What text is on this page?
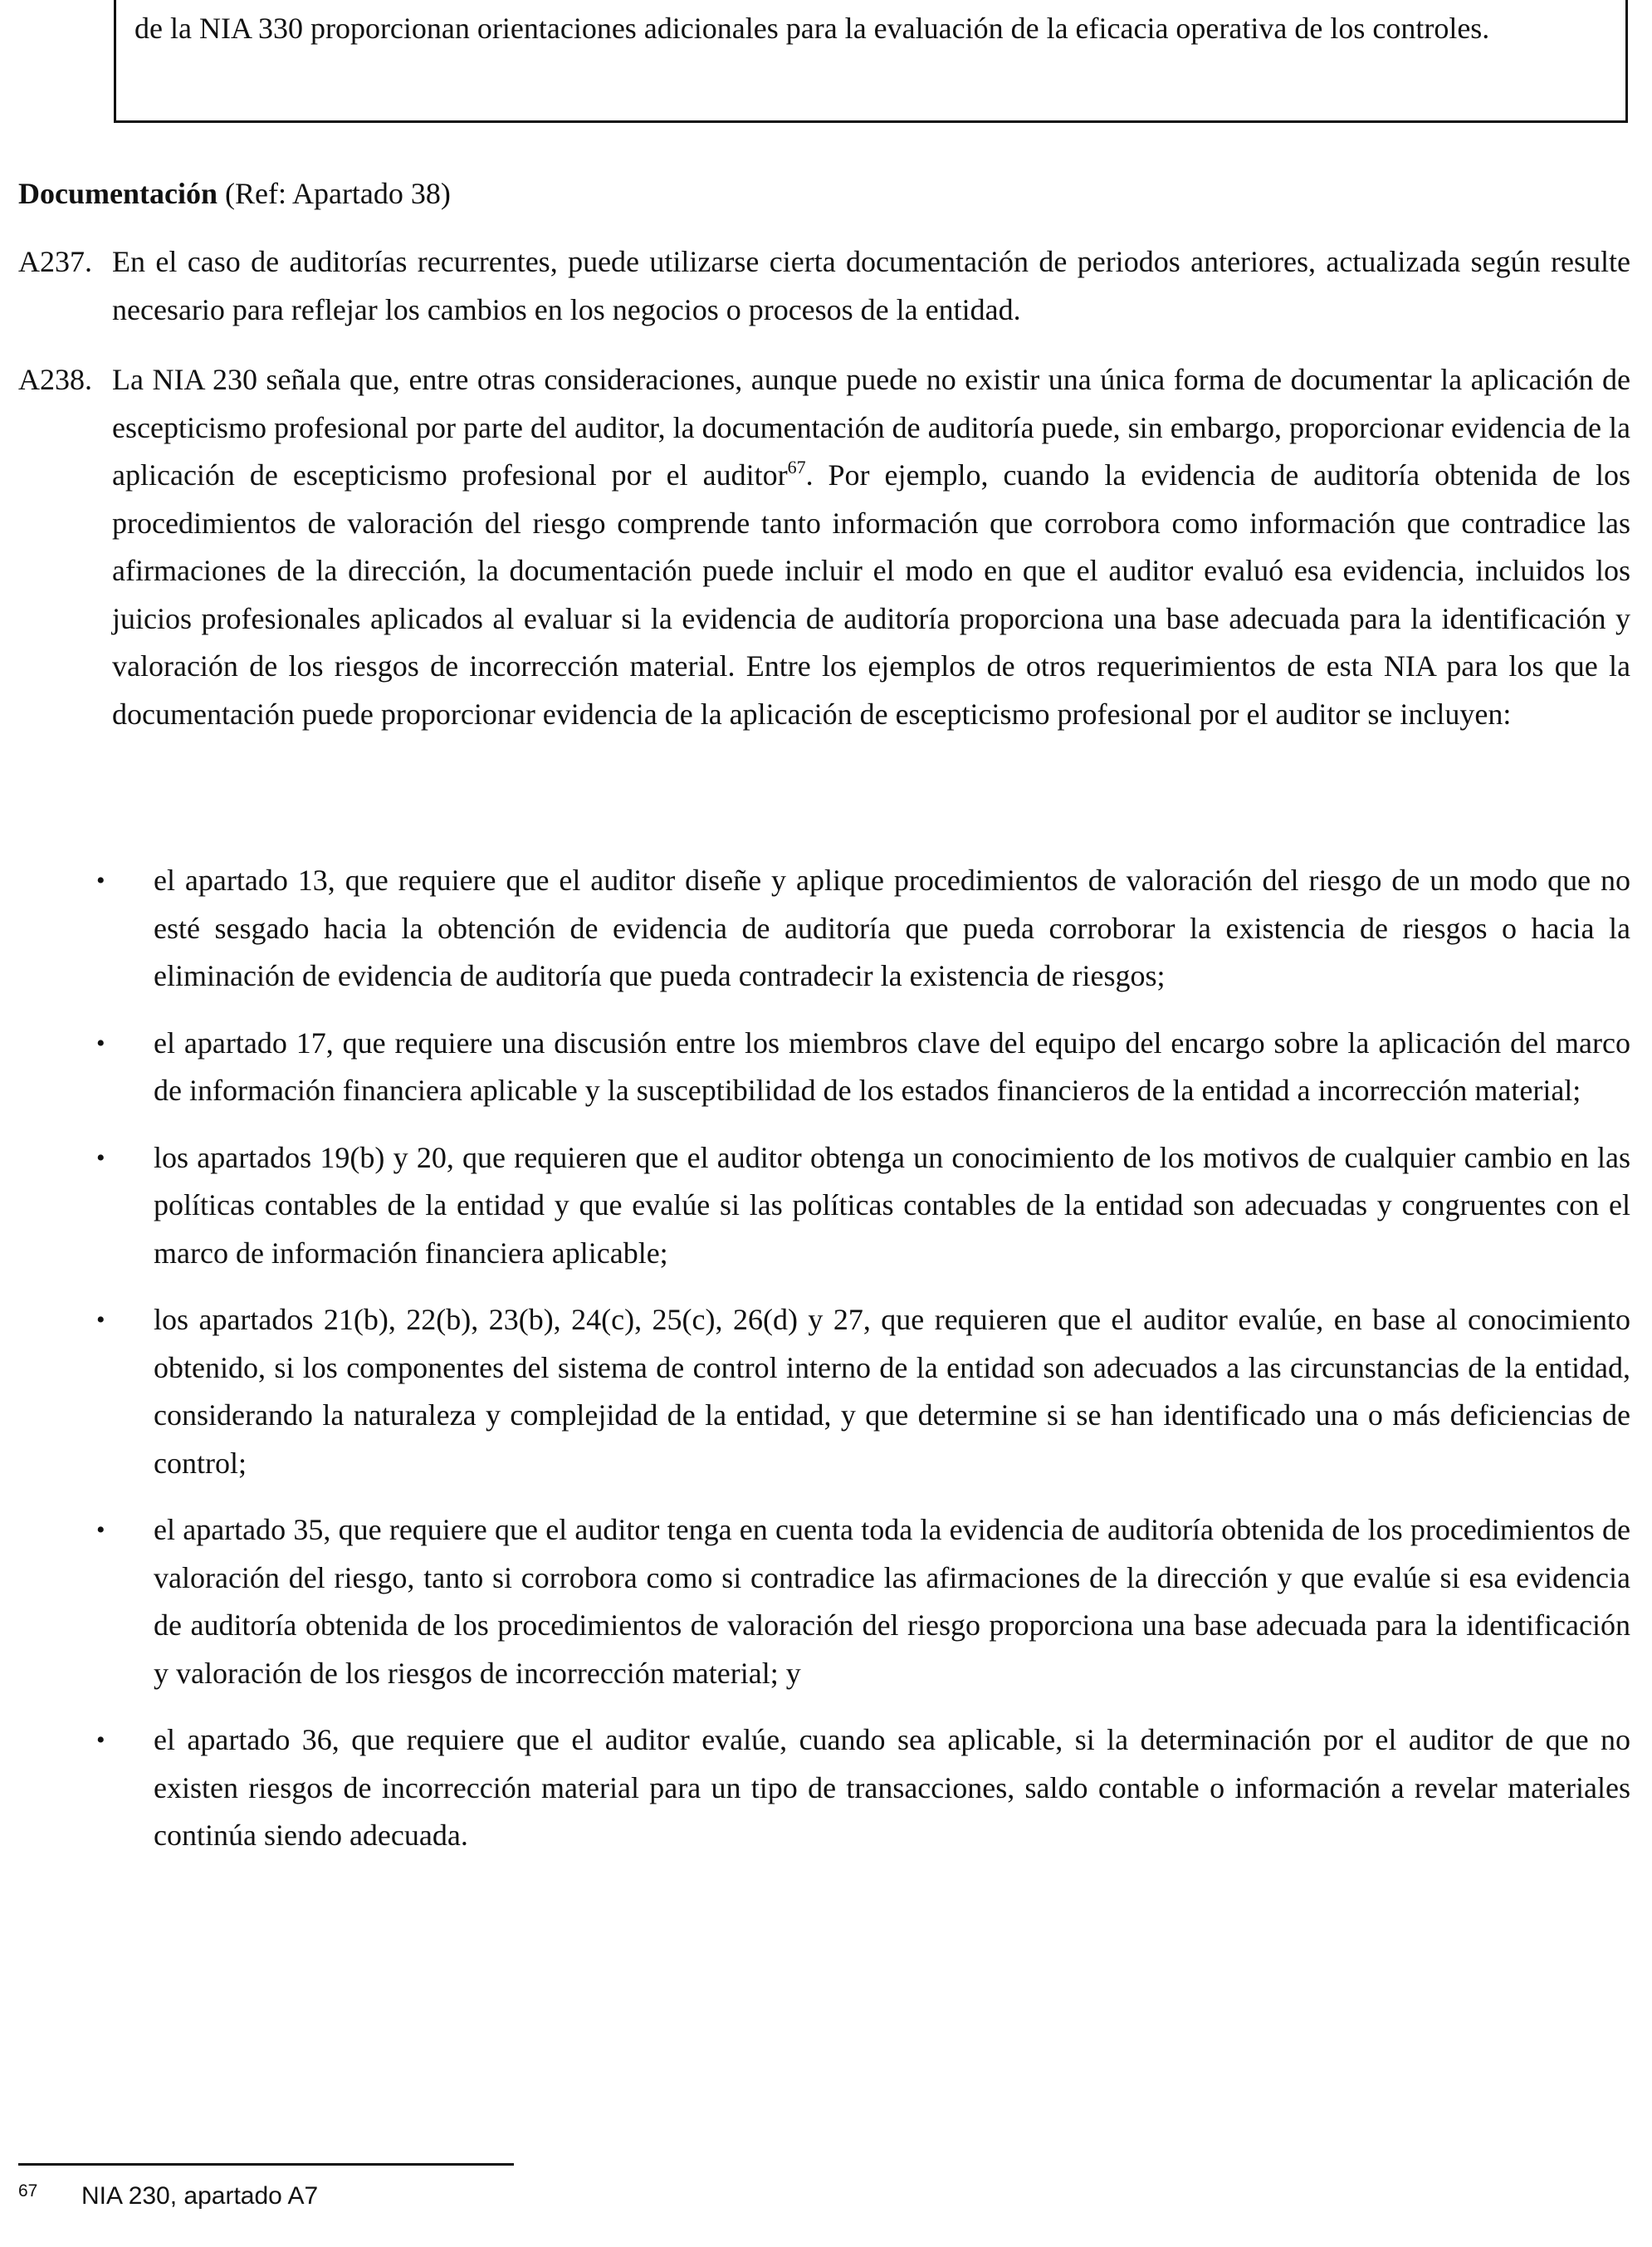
de la NIA 330 proporcionan orientaciones adicionales para la evaluación de la eficacia operativa de los controles.
Documentación (Ref: Apartado 38)
A237. En el caso de auditorías recurrentes, puede utilizarse cierta documentación de periodos anteriores, actualizada según resulte necesario para reflejar los cambios en los negocios o procesos de la entidad.
A238. La NIA 230 señala que, entre otras consideraciones, aunque puede no existir una única forma de documentar la aplicación de escepticismo profesional por parte del auditor, la documentación de auditoría puede, sin embargo, proporcionar evidencia de la aplicación de escepticismo profesional por el auditor$^{67}$. Por ejemplo, cuando la evidencia de auditoría obtenida de los procedimientos de valoración del riesgo comprende tanto información que corrobora como información que contradice las afirmaciones de la dirección, la documentación puede incluir el modo en que el auditor evaluó esa evidencia, incluidos los juicios profesionales aplicados al evaluar si la evidencia de auditoría proporciona una base adecuada para la identificación y valoración de los riesgos de incorrección material. Entre los ejemplos de otros requerimientos de esta NIA para los que la documentación puede proporcionar evidencia de la aplicación de escepticismo profesional por el auditor se incluyen:
• el apartado 13, que requiere que el auditor diseñe y aplique procedimientos de valoración del riesgo de un modo que no esté sesgado hacia la obtención de evidencia de auditoría que pueda corroborar la existencia de riesgos o hacia la eliminación de evidencia de auditoría que pueda contradecir la existencia de riesgos;
• el apartado 17, que requiere una discusión entre los miembros clave del equipo del encargo sobre la aplicación del marco de información financiera aplicable y la susceptibilidad de los estados financieros de la entidad a incorrección material;
• los apartados 19(b) y 20, que requieren que el auditor obtenga un conocimiento de los motivos de cualquier cambio en las políticas contables de la entidad y que evalúe si las políticas contables de la entidad son adecuadas y congruentes con el marco de información financiera aplicable;
• los apartados 21(b), 22(b), 23(b), 24(c), 25(c), 26(d) y 27, que requieren que el auditor evalúe, en base al conocimiento obtenido, si los componentes del sistema de control interno de la entidad son adecuados a las circunstancias de la entidad, considerando la naturaleza y complejidad de la entidad, y que determine si se han identificado una o más deficiencias de control;
• el apartado 35, que requiere que el auditor tenga en cuenta toda la evidencia de auditoría obtenida de los procedimientos de valoración del riesgo, tanto si corrobora como si contradice las afirmaciones de la dirección y que evalúe si esa evidencia de auditoría obtenida de los procedimientos de valoración del riesgo proporciona una base adecuada para la identificación y valoración de los riesgos de incorrección material; y
• el apartado 36, que requiere que el auditor evalúe, cuando sea aplicable, si la determinación por el auditor de que no existen riesgos de incorrección material para un tipo de transacciones, saldo contable o información a revelar materiales continúa siendo adecuada.
67 NIA 230, apartado A7
